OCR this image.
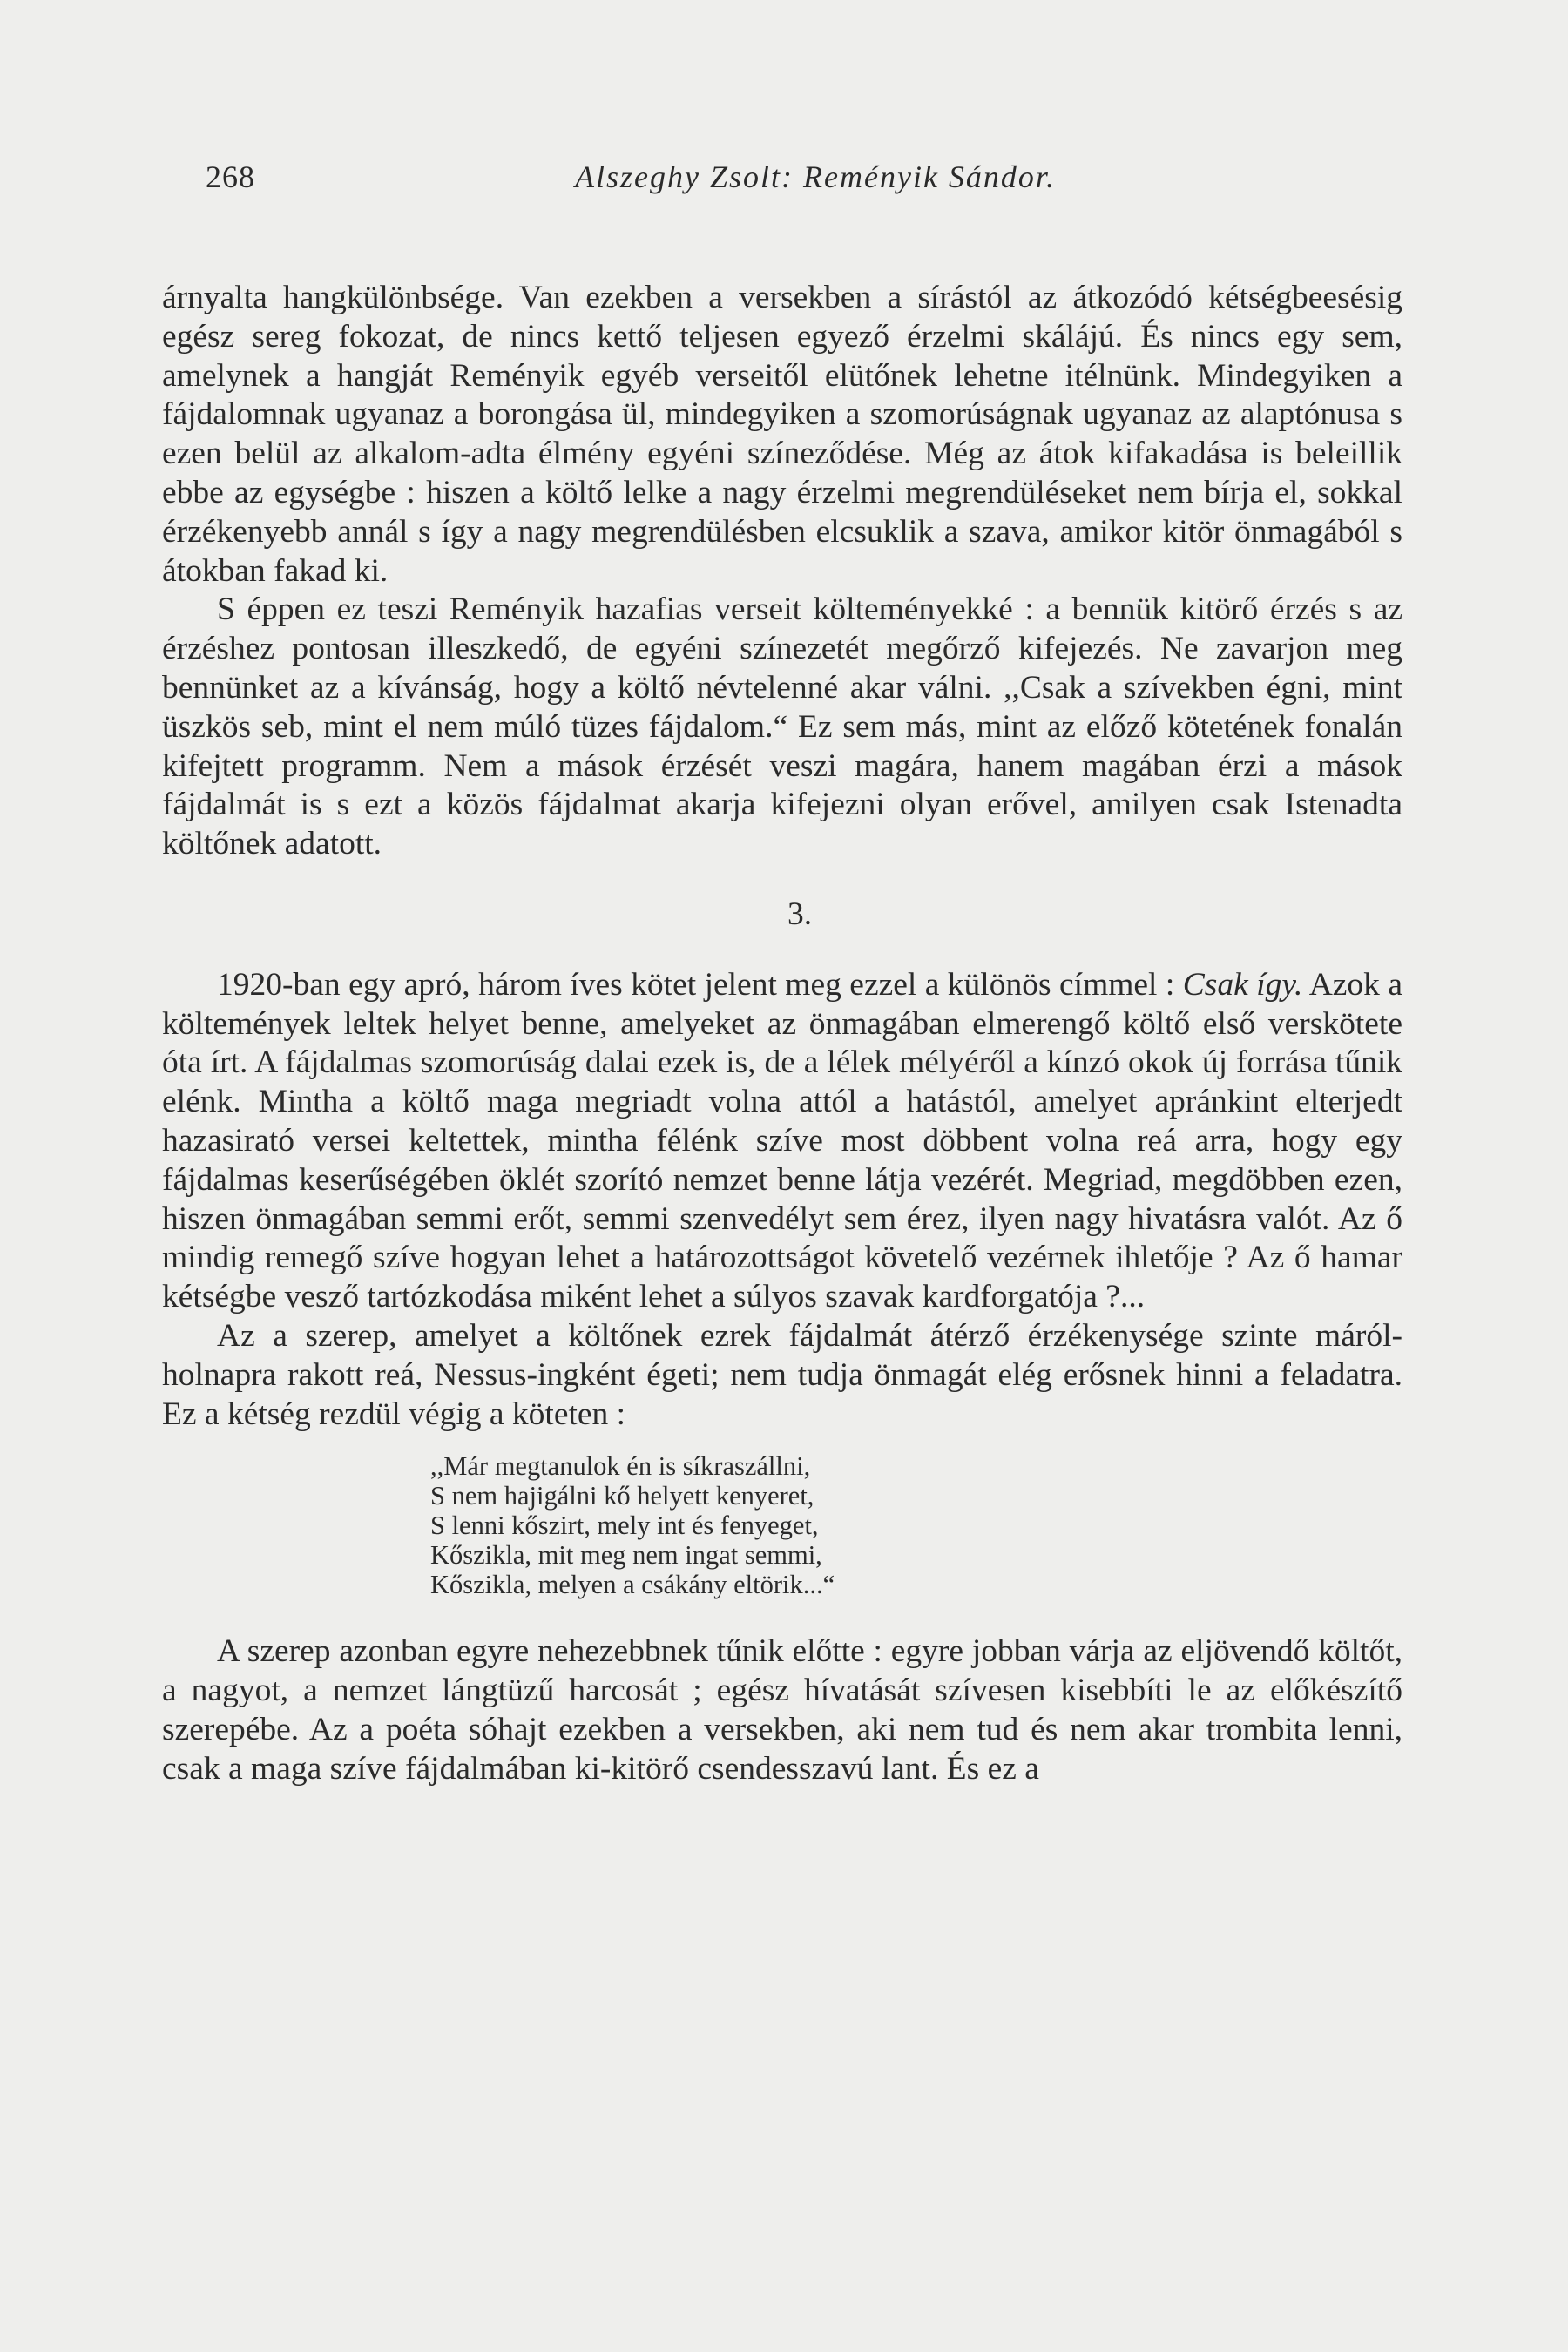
268	Alszeghy Zsolt: Reményik Sándor.

árnyalta hangkülönbsége. Van ezekben a versekben a sírástól az átkozódó kétségbeesésig egész sereg fokozat, de nincs kettő teljesen egyező érzelmi skálájú. És nincs egy sem, amelynek a hangját Reményik egyéb verseitől elütőnek lehetne itélnünk. Mindegyiken a fájdalomnak ugyanaz a borongása ül, mindegyiken a szomorúságnak ugyanaz az alaptónusa s ezen belül az alkalom-adta élmény egyéni színeződése. Még az átok kifakadása is beleillik ebbe az egységbe : hiszen a költő lelke a nagy érzelmi megrendüléseket nem bírja el, sokkal érzékenyebb annál s így a nagy megrendülésben elcsuklik a szava, amikor kitör önmagából s átokban fakad ki.

S éppen ez teszi Reményik hazafias verseit költeményekké : a bennük kitörő érzés s az érzéshez pontosan illeszkedő, de egyéni színezetét megőrző kifejezés. Ne zavarjon meg bennünket az a kívánság, hogy a költő névtelenné akar válni. ,,Csak a szívekben égni, mint üszkös seb, mint el nem múló tüzes fájdalom.“ Ez sem más, mint az előző kötetének fonalán kifejtett programm. Nem a mások érzését veszi magára, hanem magában érzi a mások fájdalmát is s ezt a közös fájdalmat akarja kifejezni olyan erővel, amilyen csak Istenadta költőnek adatott.

3.

1920-ban egy apró, három íves kötet jelent meg ezzel a különös címmel : Csak így. Azok a költemények leltek helyet benne, amelyeket az önmagában elmerengő költő első verskötete óta írt. A fájdalmas szomorúság dalai ezek is, de a lélek mélyéről a kínzó okok új forrása tűnik elénk. Mintha a költő maga megriadt volna attól a hatástól, amelyet apránkint elterjedt hazasirató versei keltettek, mintha félénk szíve most döbbent volna reá arra, hogy egy fájdalmas keserűségében öklét szorító nemzet benne látja vezérét. Megriad, megdöbben ezen, hiszen önmagában semmi erőt, semmi szenvedélyt sem érez, ilyen nagy hivatásra valót. Az ő mindig remegő szíve hogyan lehet a határozottságot követelő vezérnek ihletője ? Az ő hamar kétségbe vesző tartózkodása miként lehet a súlyos szavak kardforgatója ?...

Az a szerep, amelyet a költőnek ezrek fájdalmát átérző érzékenysége szinte máról-holnapra rakott reá, Nessus-ingként égeti; nem tudja önmagát elég erősnek hinni a feladatra. Ez a kétség rezdül végig a köteten :

,,Már megtanulok én is síkraszállni,
S nem hajigálni kő helyett kenyeret,
S lenni kőszirt, mely int és fenyeget,
Kőszikla, mit meg nem ingat semmi,
Kőszikla, melyen a csákány eltörik...“

A szerep azonban egyre nehezebbnek tűnik előtte : egyre jobban várja az eljövendő költőt, a nagyot, a nemzet lángtüzű harcosát ; egész hívatását szívesen kisebbíti le az előkészítő szerepébe. Az a poéta sóhajt ezekben a versekben, aki nem tud és nem akar trombita lenni, csak a maga szíve fájdalmában ki-kitörő csendesszavú lant. És ez a
